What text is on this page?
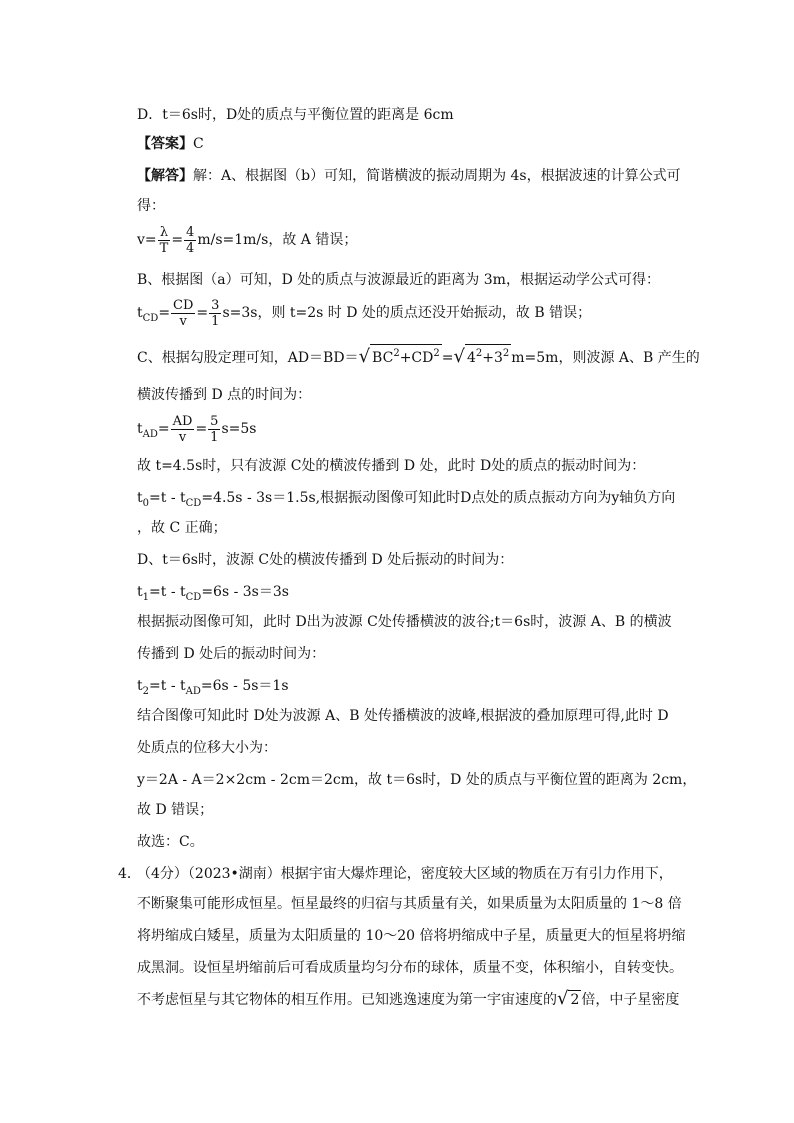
D．t＝6s时，D处的质点与平衡位置的距离是 6cm
【答案】C
【解答】解：A、根据图（b）可知，简谐横波的振动周期为 4s，根据波速的计算公式可
得：
$v= \frac{\lambda}{T} = \frac{4}{4} m/s=1m/s$，故 A 错误；
B、根据图（a）可知，D 处的质点与波源最近的距离为 3m，根据运动学公式可得：
$t_{CD}= \frac{CD}{v} = \frac{3}{1} s=3s$，则 t=2s 时 D 处的质点还没开始振动，故 B 错误；
C、根据勾股定理可知，AD＝BD＝√ $BC^2+CD^2$ =√ $4^2+3^2$ m=5m，则波源 A、B 产生的
横波传播到 D 点的时间为：
$t_{AD}= \frac{AD}{v} = \frac{5}{1} s=5s$
故 t=4.5s时，只有波源 C处的横波传播到 D 处，此时 D处的质点的振动时间为：
$t_0=t - t_{CD}=4.5s - 3s=1.5s$,根据振动图像可知此时D点处的质点振动方向为y轴负方向
，故 C 正确；
D、t＝6s时，波源 C处的横波传播到 D 处后振动的时间为：
$t_1=t - t_{CD}=6s - 3s=3s$
根据振动图像可知，此时 D出为波源 C处传播横波的波谷;t＝6s时，波源 A、B 的横波
传播到 D 处后的振动时间为：
$t_2=t - t_{AD}=6s - 5s=1s$
结合图像可知此时 D处为波源 A、B 处传播横波的波峰,根据波的叠加原理可得,此时 D
处质点的位移大小为：
y＝2A - A＝2×2cm - 2cm＝2cm，故 t＝6s时，D 处的质点与平衡位置的距离为 2cm，
故 D 错误；
故选：C。
4．
（4分）（2023•湖南）根据宇宙大爆炸理论，密度较大区域的物质在万有引力作用下，
不断聚集可能形成恒星。恒星最终的归宿与其质量有关，如果质量为太阳质量的 1～8 倍
将坍缩成白矮星，质量为太阳质量的 10～20 倍将坍缩成中子星，质量更大的恒星将坍缩
成黑洞。设恒星坍缩前后可看成质量均匀分布的球体，质量不变，体积缩小，自转变快。
不考虑恒星与其它物体的相互作用。已知逃逸速度为第一宇宙速度的√ 2 倍，中子星密度
